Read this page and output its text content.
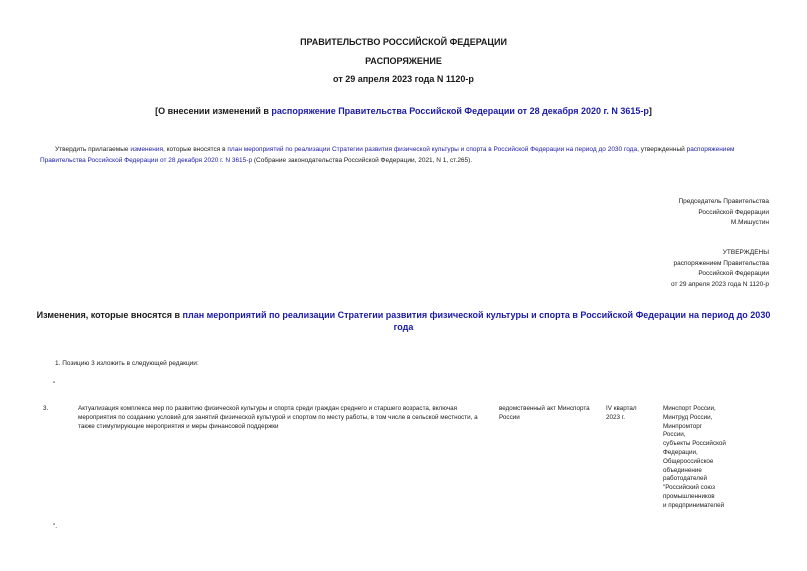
ПРАВИТЕЛЬСТВО РОССИЙСКОЙ ФЕДЕРАЦИИ
РАСПОРЯЖЕНИЕ
от 29 апреля 2023 года N 1120-р
[О внесении изменений в распоряжение Правительства Российской Федерации от 28 декабря 2020 г. N 3615-р]
Утвердить прилагаемые изменения, которые вносятся в план мероприятий по реализации Стратегии развития физической культуры и спорта в Российской Федерации на период до 2030 года, утвержденный распоряжением Правительства Российской Федерации от 28 декабря 2020 г. N 3615-р (Собрание законодательства Российской Федерации, 2021, N 1, ст.265).
Председатель Правительства
Российской Федерации
М.Мишустин
УТВЕРЖДЕНЫ
распоряжением Правительства
Российской Федерации
от 29 апреля 2023 года N 1120-р
Изменения, которые вносятся в план мероприятий по реализации Стратегии развития физической культуры и спорта в Российской Федерации на период до 2030
года
1. Позицию 3 изложить в следующей редакции:
"
3.	Актуализация комплекса мер по развитию физической культуры и спорта среди граждан среднего и старшего возраста, включая мероприятия по созданию условий для занятий физической культурой и спортом по месту работы, в том числе в сельской местности, а также стимулирующие мероприятия и меры финансовой поддержки
ведомственный акт Минспорта России
IV квартал 2023 г.
Минспорт России,
Минтруд России,
Минпромторг
России,
субъекты Российской
Федерации,
Общероссийское
объединение
работодателей
"Российский союз
промышленников
и предпринимателей
".
